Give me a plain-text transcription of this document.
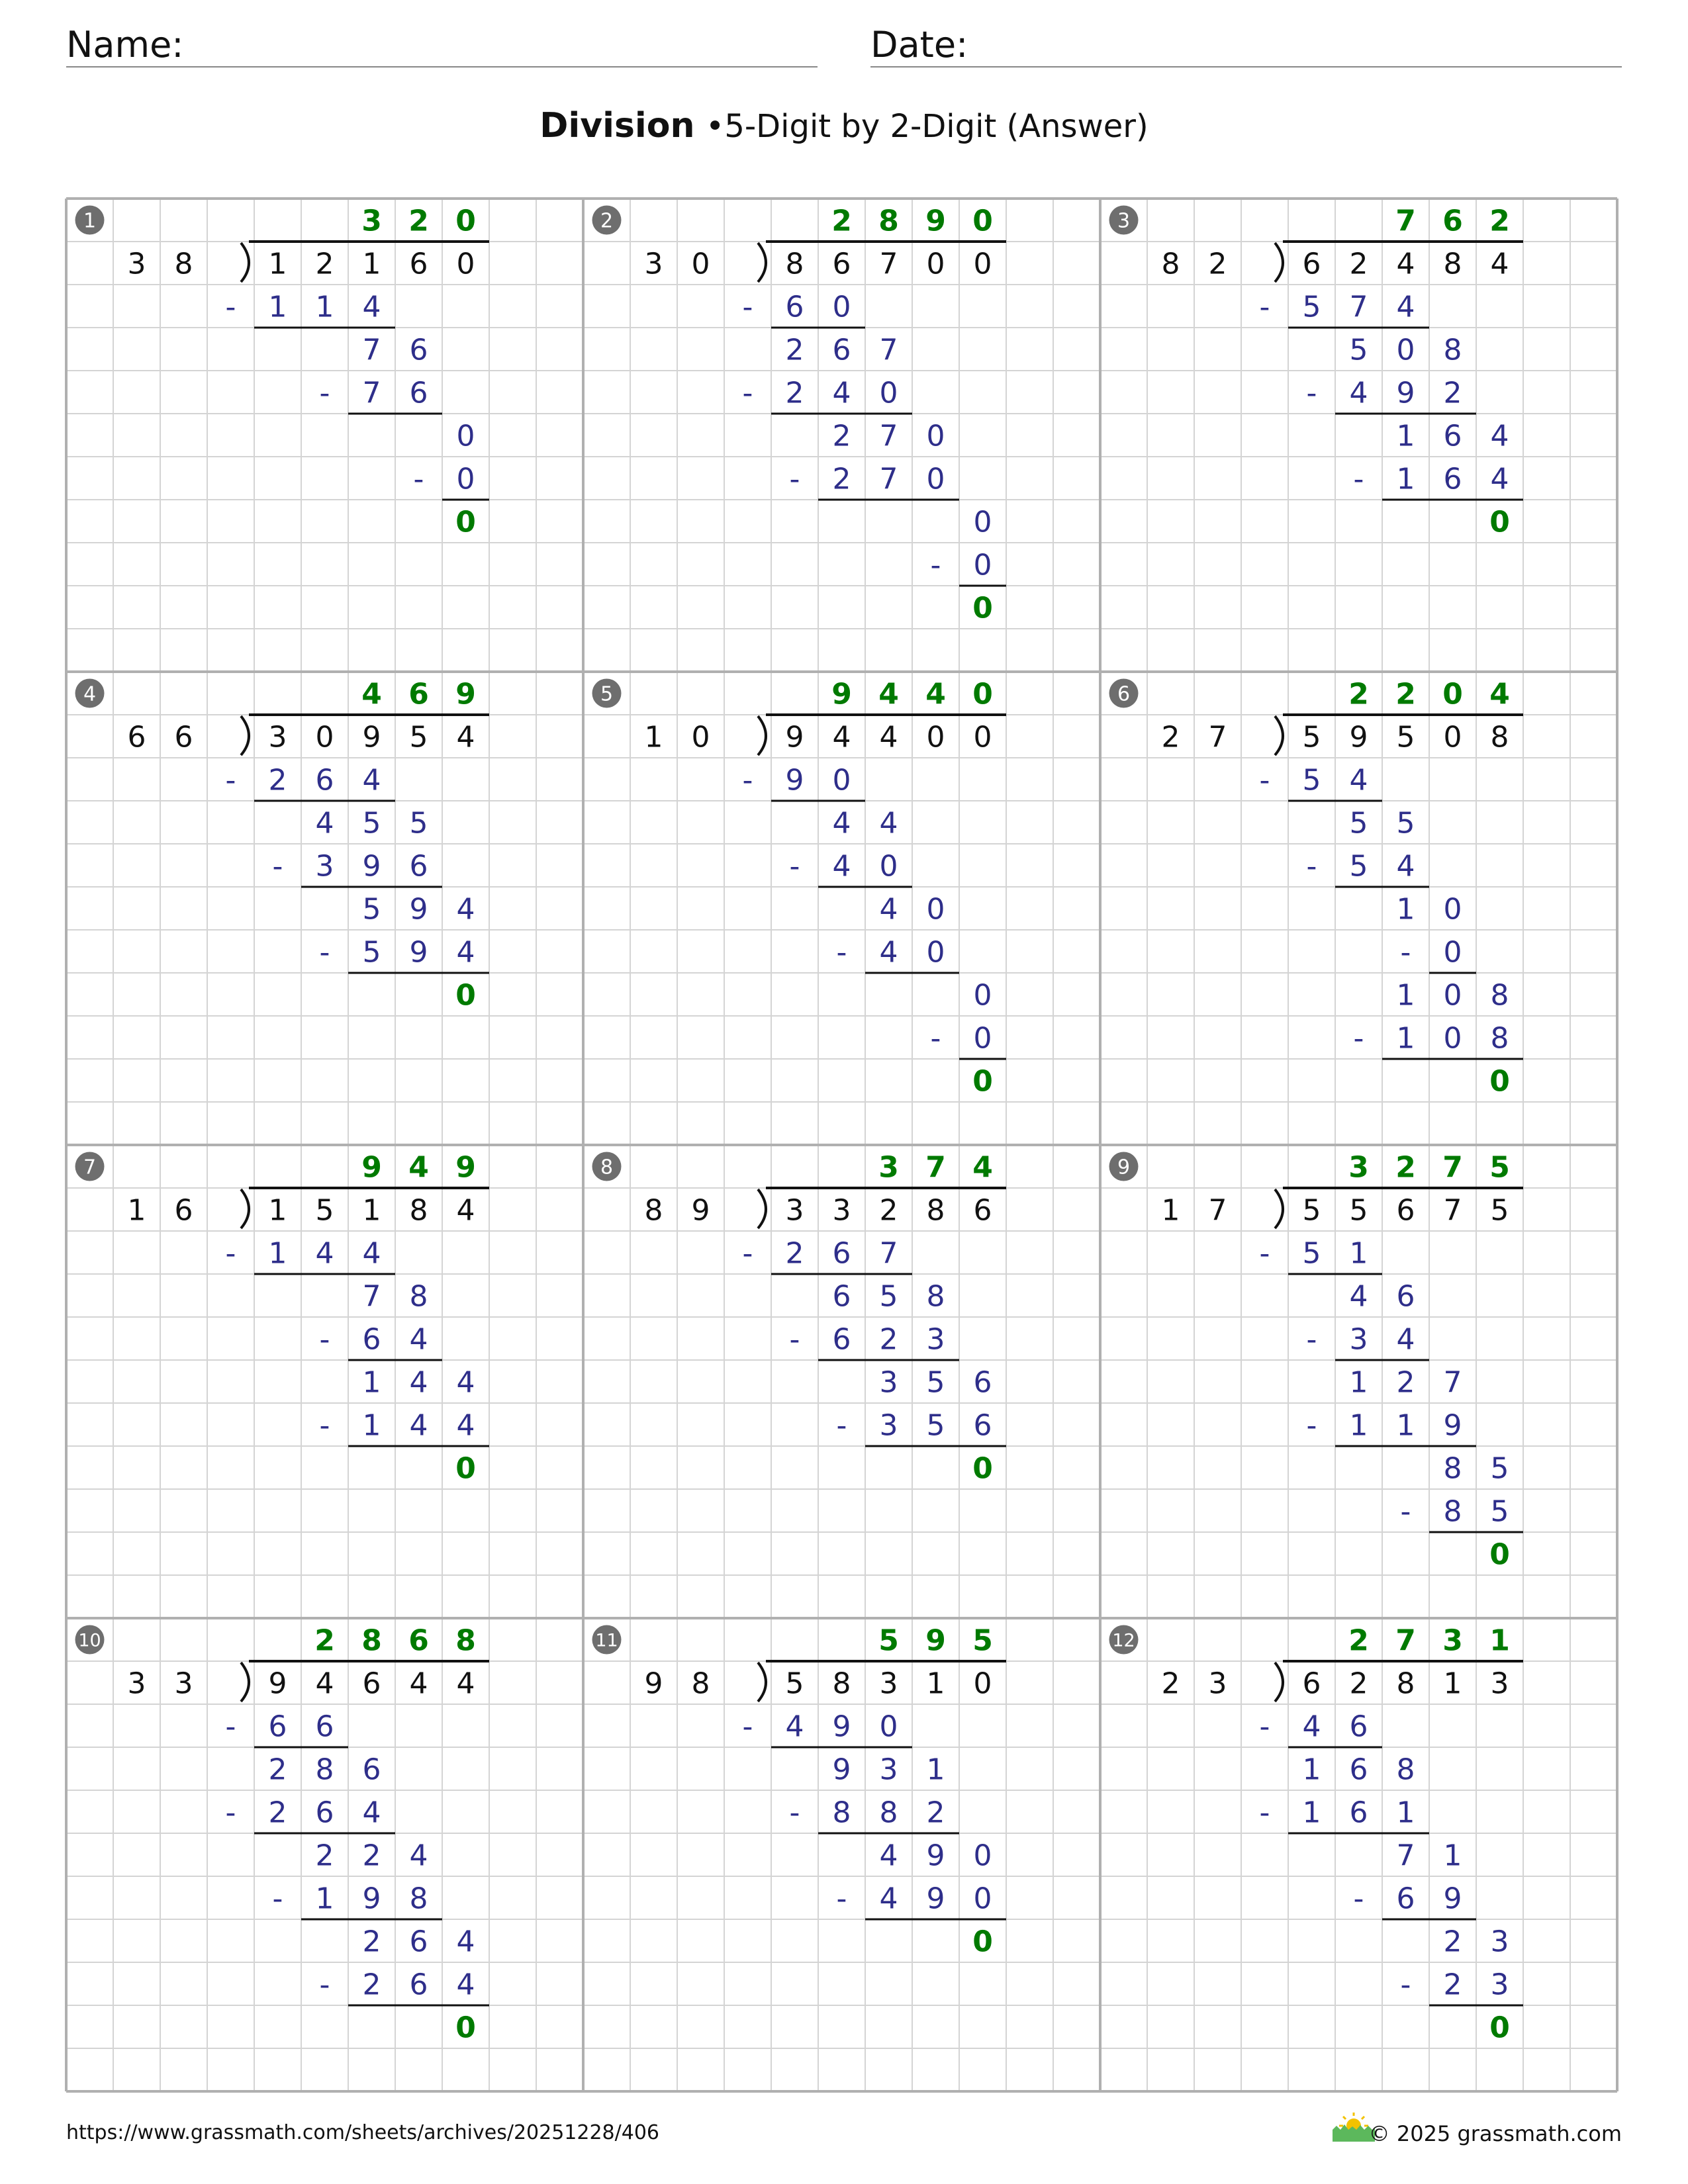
Name:	Date:
Division •5-Digit by 2-Digit (Answer)
1	3 2 0
3 8	1 2 1 6 0
- 1 1 4
7 6
- 7 6
0
- 0
0
2	2 8 9 0
3 0	8 6 7 0 0
- 6 0
2 6 7
- 2 4 0
2 7 0
- 2 7 0
0
- 0
0
3	7 6 2
8 2	6 2 4 8 4
- 5 7 4
5 0 8
- 4 9 2
1 6 4
- 1 6 4
0
4	4 6 9
6 6	3 0 9 5 4
- 2 6 4
4 5 5
- 3 9 6
5 9 4
- 5 9 4
0
5	9 4 4 0
1 0	9 4 4 0 0
- 9 0
4 4
- 4 0
4 0
- 4 0
0
- 0
0
6	2 2 0 4
2 7	5 9 5 0 8
- 5 4
5 5
- 5 4
1 0
- 0
1 0 8
- 1 0 8
0
7	9 4 9
1 6	1 5 1 8 4
- 1 4 4
7 8
- 6 4
1 4 4
- 1 4 4
0
8	3 7 4
8 9	3 3 2 8 6
- 2 6 7
6 5 8
- 6 2 3
3 5 6
- 3 5 6
0
9	3 2 7 5
1 7	5 5 6 7 5
- 5 1
4 6
- 3 4
1 2 7
- 1 1 9
8 5
- 8 5
0
10	2 8 6 8
3 3	9 4 6 4 4
- 6 6
2 8 6
- 2 6 4
2 2 4
- 1 9 8
2 6 4
- 2 6 4
0
11	5 9 5
9 8	5 8 3 1 0
- 4 9 0
9 3 1
- 8 8 2
4 9 0
- 4 9 0
0
12	2 7 3 1
2 3	6 2 8 1 3
- 4 6
1 6 8
- 1 6 1
7 1
- 6 9
2 3
- 2 3
0
https://www.grassmath.com/sheets/archives/20251228/406	© 2025 grassmath.com
